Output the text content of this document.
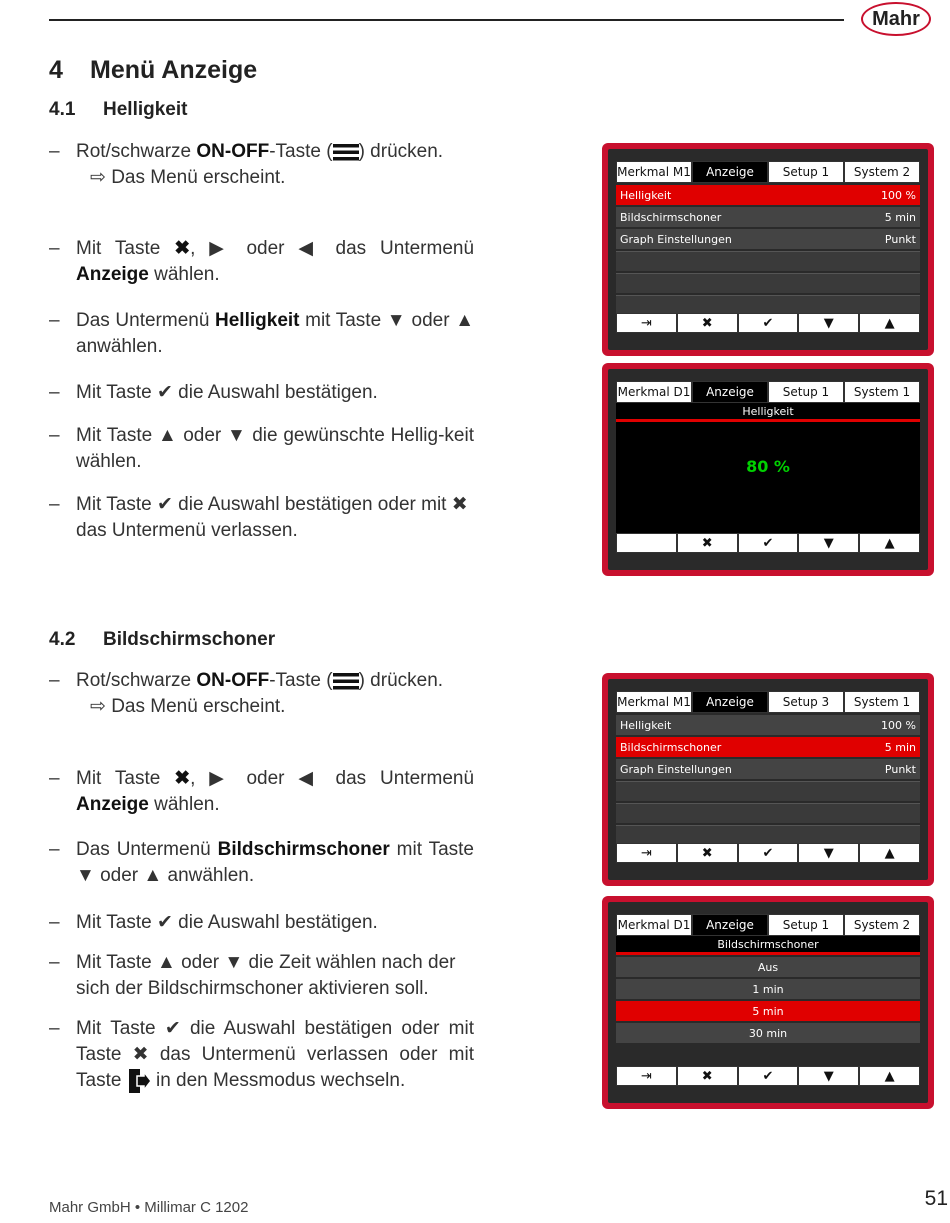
Mahr
4 Menü Anzeige
4.1 Helligkeit
– Rot/schwarze ON-OFF-Taste ( ) drücken.
⇨ Das Menü erscheint.
– Mit Taste ✖, ▶ oder ◀ das Untermenü Anzeige wählen.
– Das Untermenü Helligkeit mit Taste ▼ oder ▲ anwählen.
– Mit Taste ✔ die Auswahl bestätigen.
– Mit Taste ▲ oder ▼ die gewünschte Hellig-keit wählen.
– Mit Taste ✔ die Auswahl bestätigen oder mit ✖ das Untermenü verlassen.
4.2 Bildschirmschoner
– Rot/schwarze ON-OFF-Taste ( ) drücken.
⇨ Das Menü erscheint.
– Mit Taste ✖, ▶ oder ◀ das Untermenü Anzeige wählen.
– Das Untermenü Bildschirmschoner mit Taste ▼ oder ▲ anwählen.
– Mit Taste ✔ die Auswahl bestätigen.
– Mit Taste ▲ oder ▼ die Zeit wählen nach der sich der Bildschirmschoner aktivieren soll.
– Mit Taste ✔ die Auswahl bestätigen oder mit Taste ✖ das Untermenü verlassen oder mit Taste in den Messmodus wechseln.
Merkmal M1	Anzeige	Setup 1	System 2
Helligkeit	100 %
Bildschirmschoner	5 min
Graph Einstellungen	Punkt
⇥	✖	✔	▼	▲
Merkmal D1	Anzeige	Setup 1	System 1
Helligkeit
80 %
✖	✔	▼	▲
Merkmal M1	Anzeige	Setup 3	System 1
Helligkeit	100 %
Bildschirmschoner	5 min
Graph Einstellungen	Punkt
⇥	✖	✔	▼	▲
Merkmal D1	Anzeige	Setup 1	System 2
Bildschirmschoner
Aus
1 min
5 min
30 min
⇥	✖	✔	▼	▲
Mahr GmbH • Millimar C 1202	51
